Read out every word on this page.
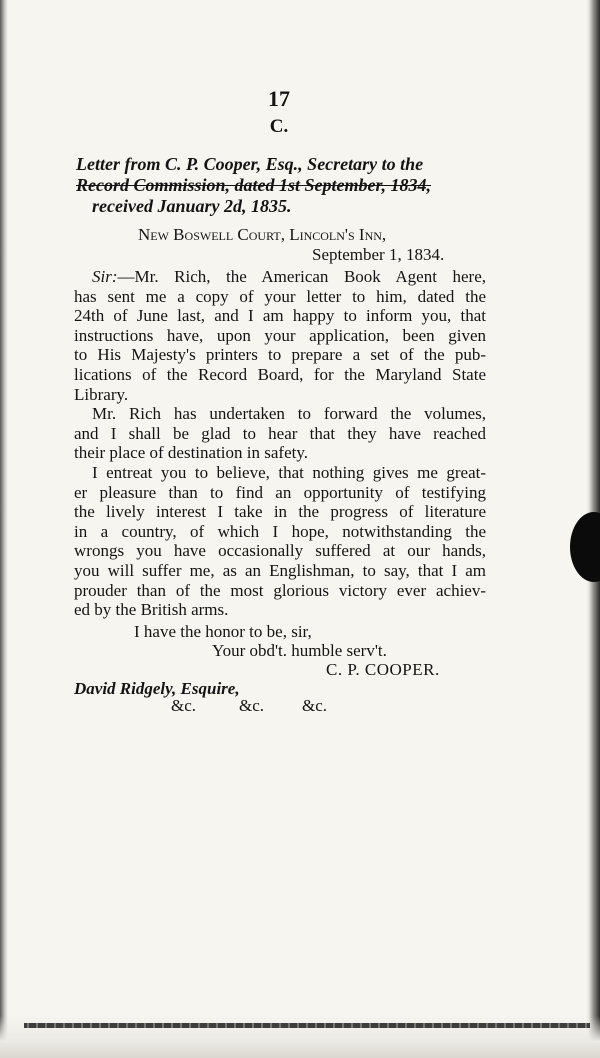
17
C.
Letter from C. P. Cooper, Esq., Secretary to the
Record Commission, dated 1st September, 1834,
received January 2d, 1835.
New Boswell Court, Lincoln's Inn,
September 1, 1834.
Sir:—Mr. Rich, the American Book Agent here,
has sent me a copy of your letter to him, dated the
24th of June last, and I am happy to inform you, that
instructions have, upon your application, been given
to His Majesty's printers to prepare a set of the pub-
lications of the Record Board, for the Maryland State
Library.
Mr. Rich has undertaken to forward the volumes,
and I shall be glad to hear that they have reached
their place of destination in safety.
I entreat you to believe, that nothing gives me great-
er pleasure than to find an opportunity of testifying
the lively interest I take in the progress of literature
in a country, of which I hope, notwithstanding the
wrongs you have occasionally suffered at our hands,
you will suffer me, as an Englishman, to say, that I am
prouder than of the most glorious victory ever achiev-
ed by the British arms.
I have the honor to be, sir,
Your obd't. humble serv't.
C. P. COOPER.
David Ridgely, Esquire,
&c.	&c. &c.
